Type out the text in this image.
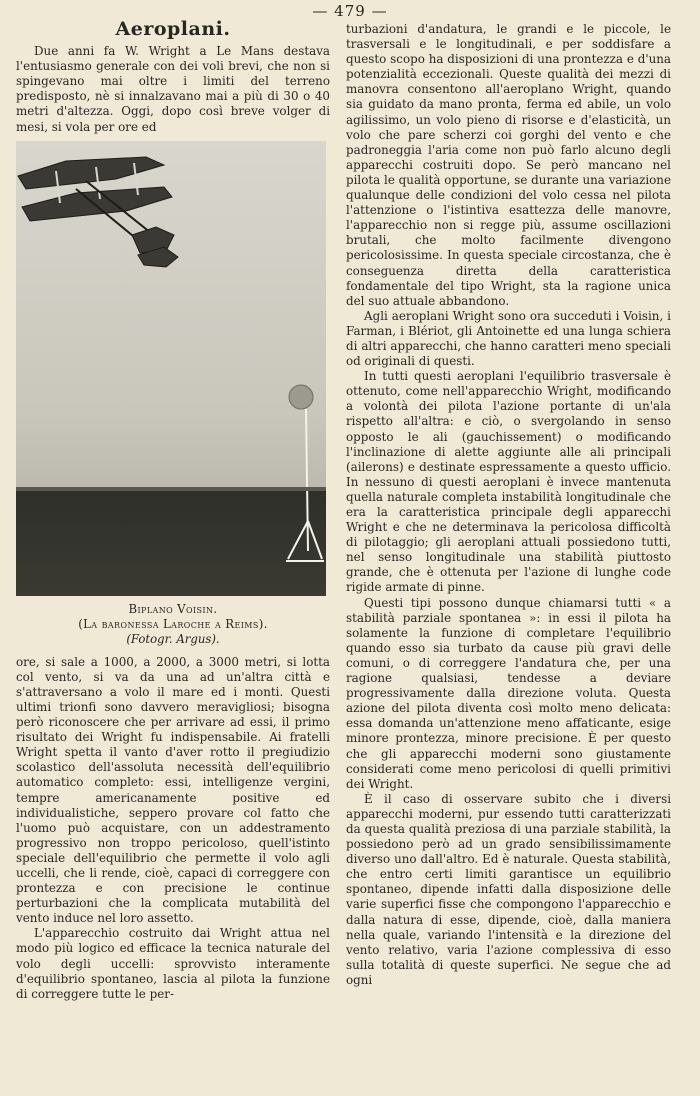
— 479 —
Aeroplani.

Due anni fa W. Wright a Le Mans destava l'entusiasmo generale con dei voli brevi, che non si spingevano mai oltre i limiti del terreno predisposto, nè si innalzavano mai a più di 30 o 40 metri d'altezza. Oggi, dopo così breve volger di mesi, si vola per ore ed

Biplano Voisin.
(La baronessa Laroche a Reims).
(Fotogr. Argus).

ore, si sale a 1000, a 2000, a 3000 metri, si lotta col vento, si va da una ad un'altra città e s'attraversano a volo il mare ed i monti. Questi ultimi trionfi sono davvero meravigliosi; bisogna però riconoscere che per arrivare ad essi, il primo risultato dei Wright fu indispensabile. Ai fratelli Wright spetta il vanto d'aver rotto il pregiudizio scolastico dell'assoluta necessità dell'equilibrio automatico completo: essi, intelligenze vergini, tempre americanamente positive ed individualistiche, seppero provare col fatto che l'uomo può acquistare, con un addestramento progressivo non troppo pericoloso, quell'istinto speciale dell'equilibrio che permette il volo agli uccelli, che li rende, cioè, capaci di correggere con prontezza e con precisione le continue perturbazioni che la complicata mutabilità del vento induce nel loro assetto.

L'apparecchio costruito dai Wright attua nel modo più logico ed efficace la tecnica naturale del volo degli uccelli: sprovvisto interamente d'equilibrio spontaneo, lascia al pilota la funzione di correggere tutte le per-

turbazioni d'andatura, le grandi e le piccole, le trasversali e le longitudinali, e per soddisfare a questo scopo ha disposizioni di una prontezza e d'una potenzialità eccezionali. Queste qualità dei mezzi di manovra consentono all'aeroplano Wright, quando sia guidato da mano pronta, ferma ed abile, un volo agilissimo, un volo pieno di risorse e d'elasticità, un volo che pare scherzi coi gorghi del vento e che padroneggia l'aria come non può farlo alcuno degli apparecchi costruiti dopo. Se però mancano nel pilota le qualità opportune, se durante una variazione qualunque delle condizioni del volo cessa nel pilota l'attenzione o l'istintiva esattezza delle manovre, l'apparecchio non si regge più, assume oscillazioni brutali, che molto facilmente divengono pericolosissime. In questa speciale circostanza, che è conseguenza diretta della caratteristica fondamentale del tipo Wright, sta la ragione unica del suo attuale abbandono.

Agli aeroplani Wright sono ora succeduti i Voisin, i Farman, i Blériot, gli Antoinette ed una lunga schiera di altri apparecchi, che hanno caratteri meno speciali od originali di questi.

In tutti questi aeroplani l'equilibrio trasversale è ottenuto, come nell'apparecchio Wright, modificando a volontà dei pilota l'azione portante di un'ala rispetto all'altra: e ciò, o svergolando in senso opposto le ali (gauchissement) o modificando l'inclinazione di alette aggiunte alle ali principali (ailerons) e destinate espressamente a questo ufficio. In nessuno di questi aeroplani è invece mantenuta quella naturale completa instabilità longitudinale che era la caratteristica principale degli apparecchi Wright e che ne determinava la pericolosa difficoltà di pilotaggio; gli aeroplani attuali possiedono tutti, nel senso longitudinale una stabilità piuttosto grande, che è ottenuta per l'azione di lunghe code rigide armate di pinne.

Questi tipi possono dunque chiamarsi tutti « a stabilità parziale spontanea »: in essi il pilota ha solamente la funzione di completare l'equilibrio quando esso sia turbato da cause più gravi delle comuni, o di correggere l'andatura che, per una ragione qualsiasi, tendesse a deviare progressivamente dalla direzione voluta. Questa azione del pilota diventa così molto meno delicata: essa domanda un'attenzione meno affaticante, esige minore prontezza, minore precisione. È per questo che gli apparecchi moderni sono giustamente considerati come meno pericolosi di quelli primitivi dei Wright.

È il caso di osservare subito che i diversi apparecchi moderni, pur essendo tutti caratterizzati da questa qualità preziosa di una parziale stabilità, la possiedono però ad un grado sensibilissimamente diverso uno dall'altro. Ed è naturale. Questa stabilità, che entro certi limiti garantisce un equilibrio spontaneo, dipende infatti dalla disposizione delle varie superfici fisse che compongono l'apparecchio e dalla natura di esse, dipende, cioè, dalla maniera nella quale, variando l'intensità e la direzione del vento relativo, varia l'azione complessiva di esso sulla totalità di queste superfici. Ne segue che ad ogni
